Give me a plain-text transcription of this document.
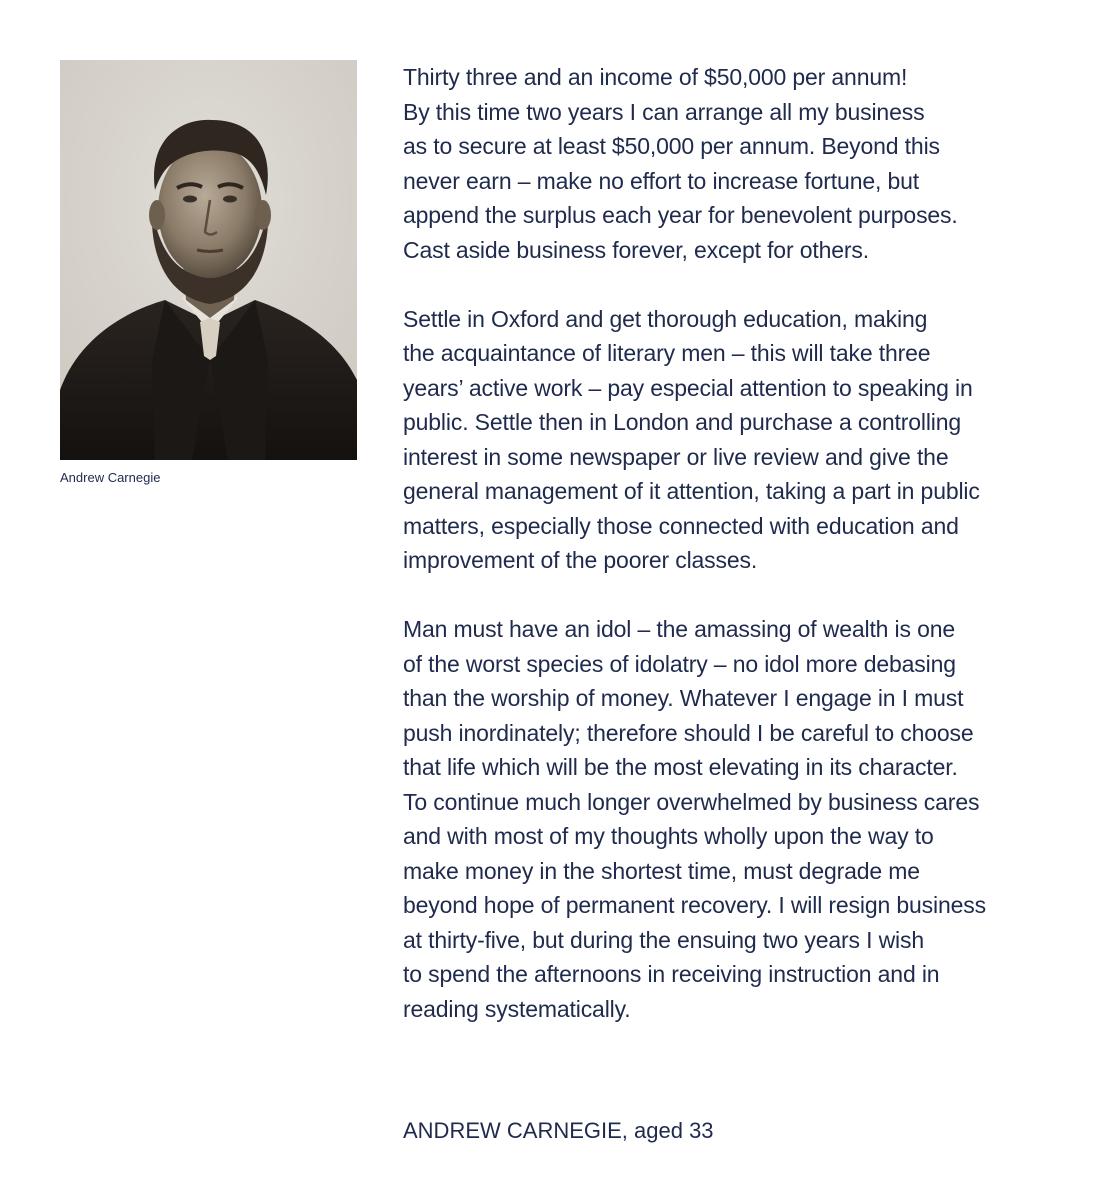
Andrew Carnegie
Thirty three and an income of $50,000 per annum!
By this time two years I can arrange all my business
as to secure at least $50,000 per annum. Beyond this
never earn – make no effort to increase fortune, but
append the surplus each year for benevolent purposes.
Cast aside business forever, except for others.
Settle in Oxford and get thorough education, making
the acquaintance of literary men – this will take three
years’ active work – pay especial attention to speaking in
public. Settle then in London and purchase a controlling
interest in some newspaper or live review and give the
general management of it attention, taking a part in public
matters, especially those connected with education and
improvement of the poorer classes.
Man must have an idol – the amassing of wealth is one
of the worst species of idolatry – no idol more debasing
than the worship of money. Whatever I engage in I must
push inordinately; therefore should I be careful to choose
that life which will be the most elevating in its character.
To continue much longer overwhelmed by business cares
and with most of my thoughts wholly upon the way to
make money in the shortest time, must degrade me
beyond hope of permanent recovery. I will resign business
at thirty-five, but during the ensuing two years I wish
to spend the afternoons in receiving instruction and in
reading systematically.
ANDREW CARNEGIE, aged 33
